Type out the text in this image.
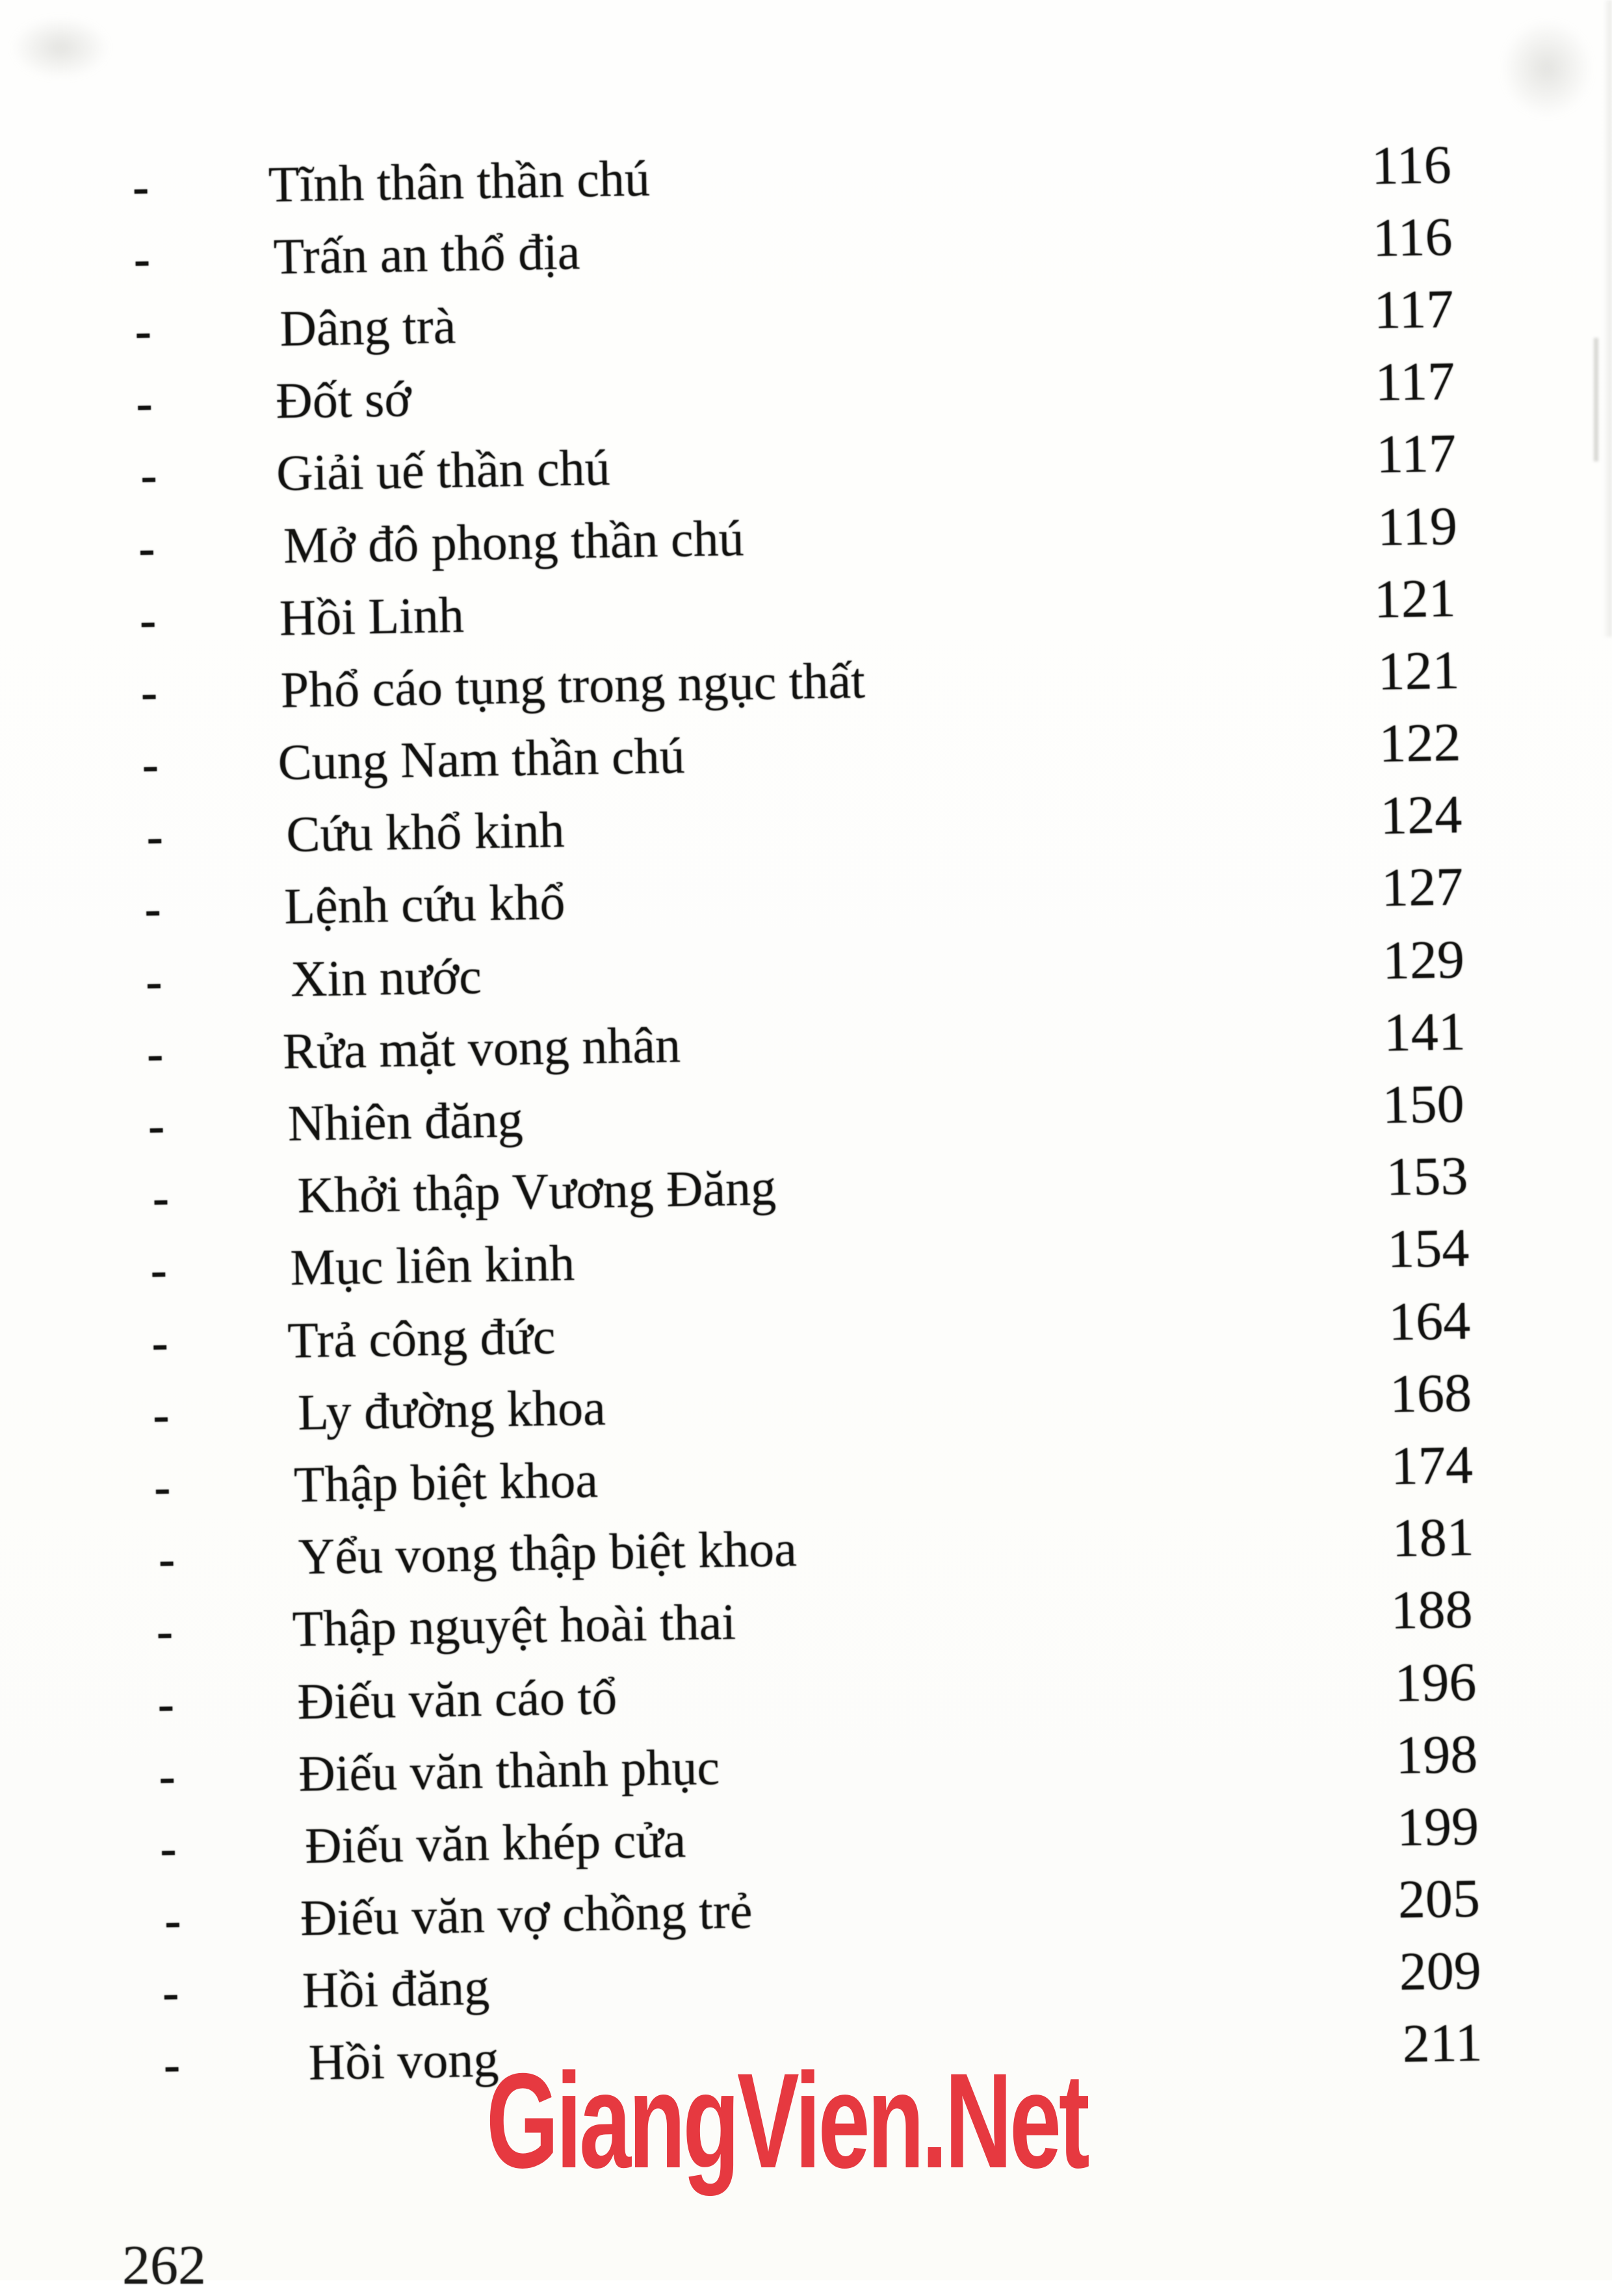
- Tĩnh thân thần chú	116
- Trấn an thổ địa	116
-	Dâng trà	117
- Đốt sớ	117
- Giải uế thần chú	117
-	Mở đô phong thần chú	119
- Hồi Linh	121
- Phổ cáo tụng trong ngục thất	121
- Cung Nam thần chú	122
- Cứu khổ kinh	124
- Lệnh cứu khổ	127
-	Xin nước	129
- Rửa mặt vong nhân	141
- Nhiên đăng	150
-	Khởi thập Vương Đăng	153
- Mục liên kinh	154
- Trả công đức	164
-	Ly đường khoa	168
- Thập biệt khoa	174
- Yểu vong thập biệt khoa	181
- Thập nguyệt hoài thai	188
- Điếu văn cáo tổ	196
- Điếu văn thành phục	198
-	Điếu văn khép cửa	199
- Điếu văn vợ chồng trẻ	205
- Hồi đăng	209
-	Hồi vong	211
GiangVien.Net
262
